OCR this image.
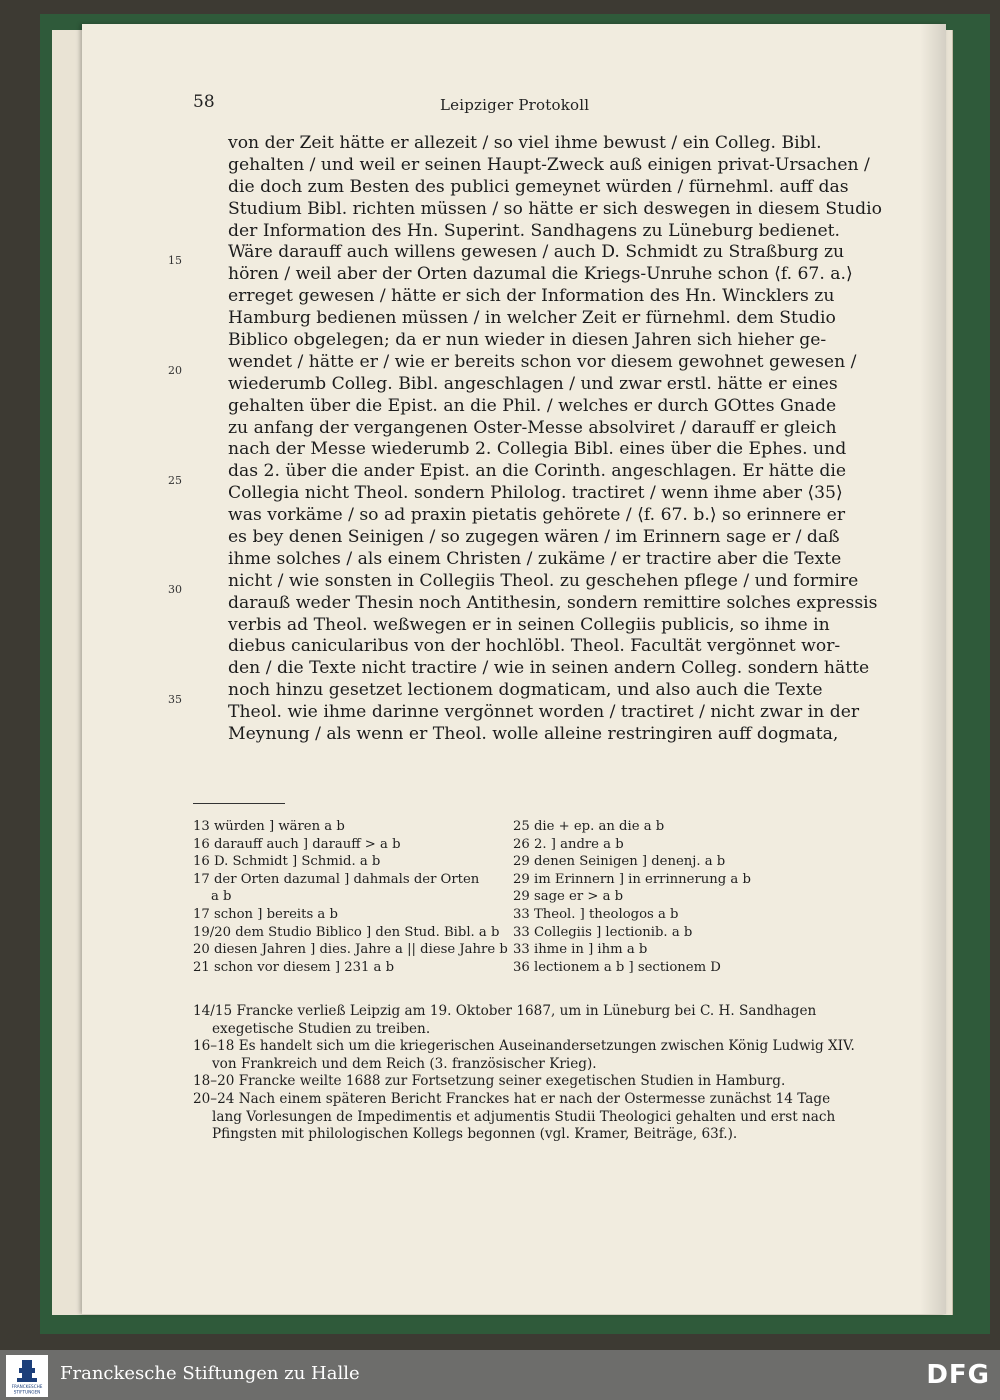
58	Leipziger Protokoll
von der Zeit hätte er allezeit / so viel ihme bewust / ein Colleg. Bibl.
gehalten / und weil er seinen Haupt-Zweck auß einigen privat-Ursachen /
die doch zum Besten des publici gemeynet würden / fürnehml. auff das
Studium Bibl. richten müssen / so hätte er sich deswegen in diesem Studio
der Information des Hn. Superint. Sandhagens zu Lüneburg bedienet.
Wäre darauff auch willens gewesen / auch D. Schmidt zu Straßburg zu
hören / weil aber der Orten dazumal die Kriegs-Unruhe schon ⟨f. 67. a.⟩
erreget gewesen / hätte er sich der Information des Hn. Wincklers zu
Hamburg bedienen müssen / in welcher Zeit er fürnehml. dem Studio
Biblico obgelegen; da er nun wieder in diesen Jahren sich hieher ge-
wendet / hätte er / wie er bereits schon vor diesem gewohnet gewesen /
wiederumb Colleg. Bibl. angeschlagen / und zwar erstl. hätte er eines
gehalten über die Epist. an die Phil. / welches er durch GOttes Gnade
zu anfang der vergangenen Oster-Messe absolviret / darauff er gleich
nach der Messe wiederumb 2. Collegia Bibl. eines über die Ephes. und
das 2. über die ander Epist. an die Corinth. angeschlagen. Er hätte die
Collegia nicht Theol. sondern Philolog. tractiret / wenn ihme aber ⟨35⟩
was vorkäme / so ad praxin pietatis gehörete / ⟨f. 67. b.⟩ so erinnere er
es bey denen Seinigen / so zugegen wären / im Erinnern sage er / daß
ihme solches / als einem Christen / zukäme / er tractire aber die Texte
nicht / wie sonsten in Collegiis Theol. zu geschehen pflege / und formire
darauß weder Thesin noch Antithesin, sondern remittire solches expressis
verbis ad Theol. weßwegen er in seinen Collegiis publicis, so ihme in
diebus canicularibus von der hochlöbl. Theol. Facultät vergönnet wor-
den / die Texte nicht tractire / wie in seinen andern Colleg. sondern hätte
noch hinzu gesetzet lectionem dogmaticam, und also auch die Texte
Theol. wie ihme darinne vergönnet worden / tractiret / nicht zwar in der
Meynung / als wenn er Theol. wolle alleine restringiren auff dogmata,
15
20
25
30
35
13 würden ] wären a b
16 darauff auch ] darauff > a b
16 D. Schmidt ] Schmid. a b
17 der Orten dazumal ] dahmals der Orten
a b
17 schon ] bereits a b
19/20 dem Studio Biblico ] den Stud. Bibl. a b
20 diesen Jahren ] dies. Jahre a || diese Jahre b
21 schon vor diesem ] 231 a b
25 die + ep. an die a b
26 2. ] andre a b
29 denen Seinigen ] denenj. a b
29 im Erinnern ] in errinnerung a b
29 sage er > a b
33 Theol. ] theologos a b
33 Collegiis ] lectionib. a b
33 ihme in ] ihm a b
36 lectionem a b ] sectionem D
14/15 Francke verließ Leipzig am 19. Oktober 1687, um in Lüneburg bei C. H. Sandhagen
exegetische Studien zu treiben.
16–18 Es handelt sich um die kriegerischen Auseinandersetzungen zwischen König Ludwig XIV.
von Frankreich und dem Reich (3. französischer Krieg).
18–20 Francke weilte 1688 zur Fortsetzung seiner exegetischen Studien in Hamburg.
20–24 Nach einem späteren Bericht Franckes hat er nach der Ostermesse zunächst 14 Tage
lang Vorlesungen de Impedimentis et adjumentis Studii Theologici gehalten und erst nach
Pfingsten mit philologischen Kollegs begonnen (vgl. Kramer, Beiträge, 63f.).
FRANCKESCHE
STIFTUNGEN
Franckesche Stiftungen zu Halle	DFG
